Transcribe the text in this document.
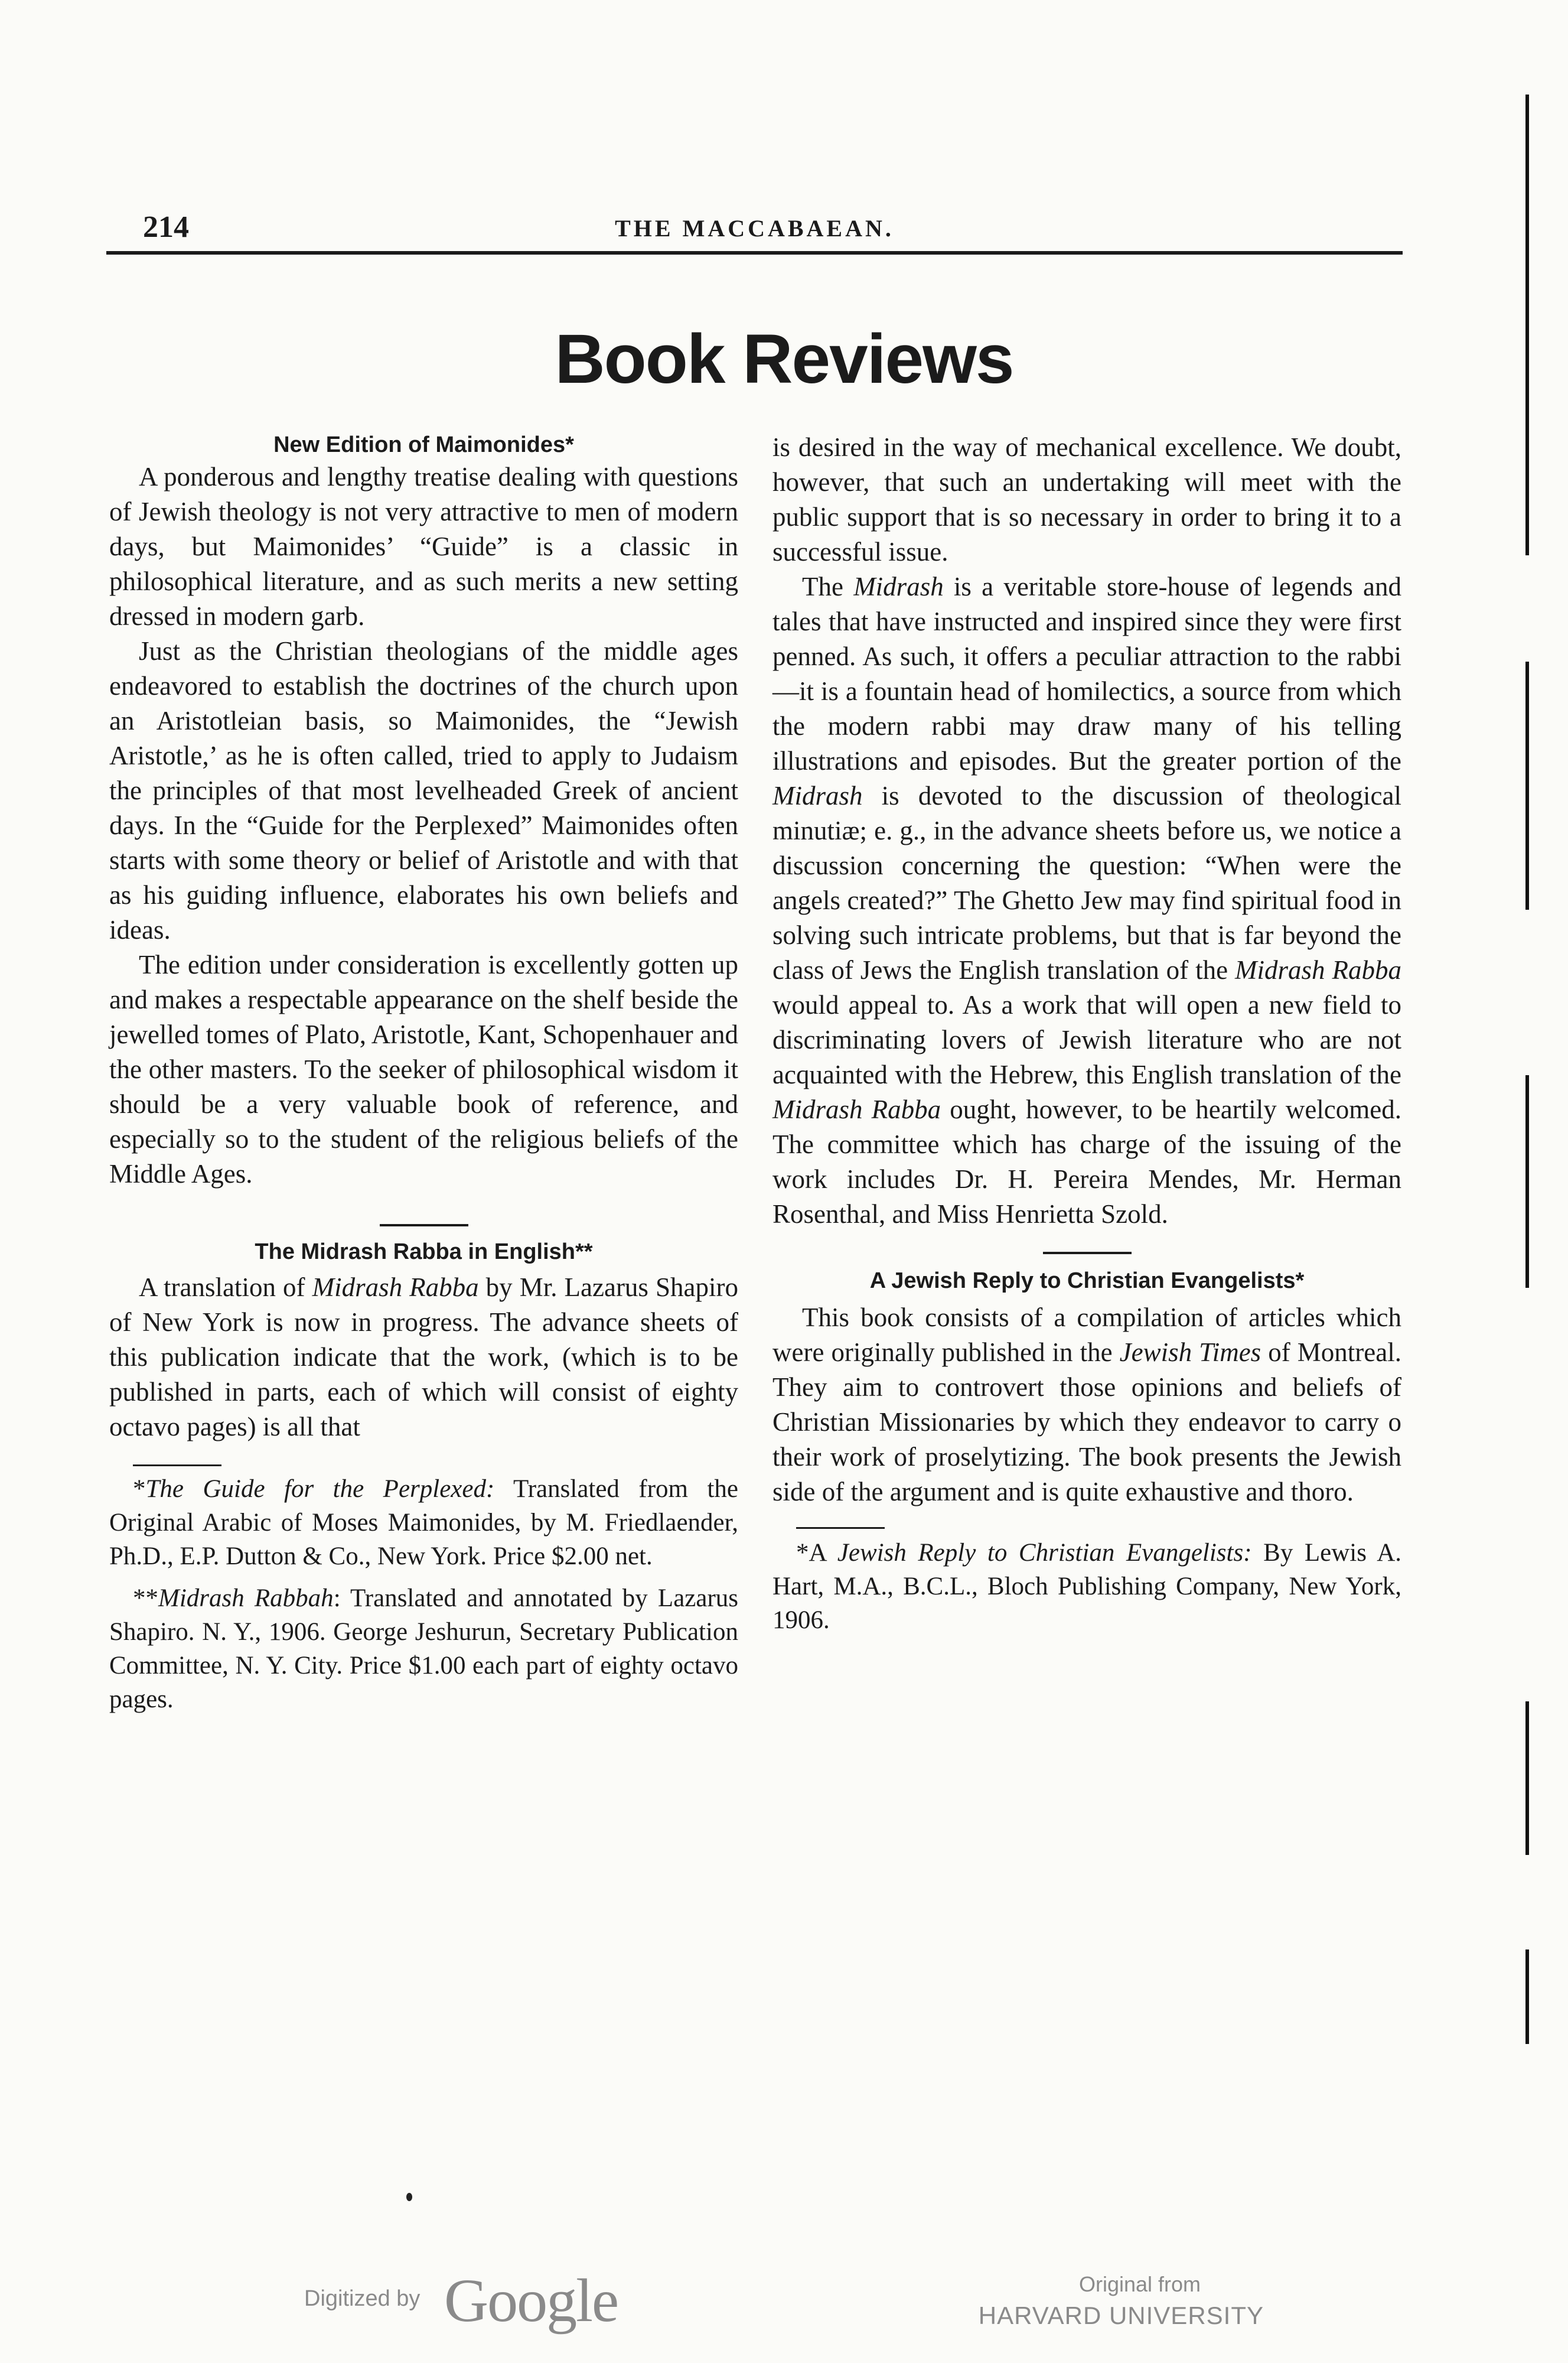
214	THE MACCABAEAN.
Book Reviews
New Edition of Maimonides*

A ponderous and lengthy treatise dealing with questions of Jewish theology is not very attractive to men of modern days, but Maimonides’ “Guide” is a classic in philosophical literature, and as such merits a new setting dressed in modern garb.

Just as the Christian theologians of the middle ages endeavored to establish the doctrines of the church upon an Aristotleian basis, so Maimonides, the “Jewish Aristotle,’ as he is often called, tried to apply to Judaism the principles of that most levelheaded Greek of ancient days. In the “Guide for the Perplexed” Maimonides often starts with some theory or belief of Aristotle and with that as his guiding influence, elaborates his own beliefs and ideas.

The edition under consideration is excellently gotten up and makes a respectable appearance on the shelf beside the jewelled tomes of Plato, Aristotle, Kant, Schopenhauer and the other masters. To the seeker of philosophical wisdom it should be a very valuable book of reference, and especially so to the student of the religious beliefs of the Middle Ages.

The Midrash Rabba in English**

A translation of Midrash Rabba by Mr. Lazarus Shapiro of New York is now in progress. The advance sheets of this publication indicate that the work, (which is to be published in parts, each of which will consist of eighty octavo pages) is all that

*The Guide for the Perplexed: Translated from the Original Arabic of Moses Maimonides, by M. Friedlaender, Ph.D., E.P. Dutton & Co., New York. Price $2.00 net.

**Midrash Rabbah: Translated and annotated by Lazarus Shapiro. N. Y., 1906. George Jeshurun, Secretary Publication Committee, N. Y. City. Price $1.00 each part of eighty octavo pages.

is desired in the way of mechanical excellence. We doubt, however, that such an undertaking will meet with the public support that is so necessary in order to bring it to a successful issue.

The Midrash is a veritable store-house of legends and tales that have instructed and inspired since they were first penned. As such, it offers a peculiar attraction to the rabbi—it is a fountain head of homilectics, a source from which the modern rabbi may draw many of his telling illustrations and episodes. But the greater portion of the Midrash is devoted to the discussion of theological minutiæ; e. g., in the advance sheets before us, we notice a discussion concerning the question: “When were the angels created?” The Ghetto Jew may find spiritual food in solving such intricate problems, but that is far beyond the class of Jews the English translation of the Midrash Rabba would appeal to. As a work that will open a new field to discriminating lovers of Jewish literature who are not acquainted with the Hebrew, this English translation of the Midrash Rabba ought, however, to be heartily welcomed. The committee which has charge of the issuing of the work includes Dr. H. Pereira Mendes, Mr. Herman Rosenthal, and Miss Henrietta Szold.

A Jewish Reply to Christian Evangelists*

This book consists of a compilation of articles which were originally published in the Jewish Times of Montreal. They aim to controvert those opinions and beliefs of Christian Missionaries by which they endeavor to carry o their work of proselytizing. The book presents the Jewish side of the argument and is quite exhaustive and thoro.

*A Jewish Reply to Christian Evangelists: By Lewis A. Hart, M.A., B.C.L., Bloch Publishing Company, New York, 1906.

Digitized by Google	Original from
HARVARD UNIVERSITY
